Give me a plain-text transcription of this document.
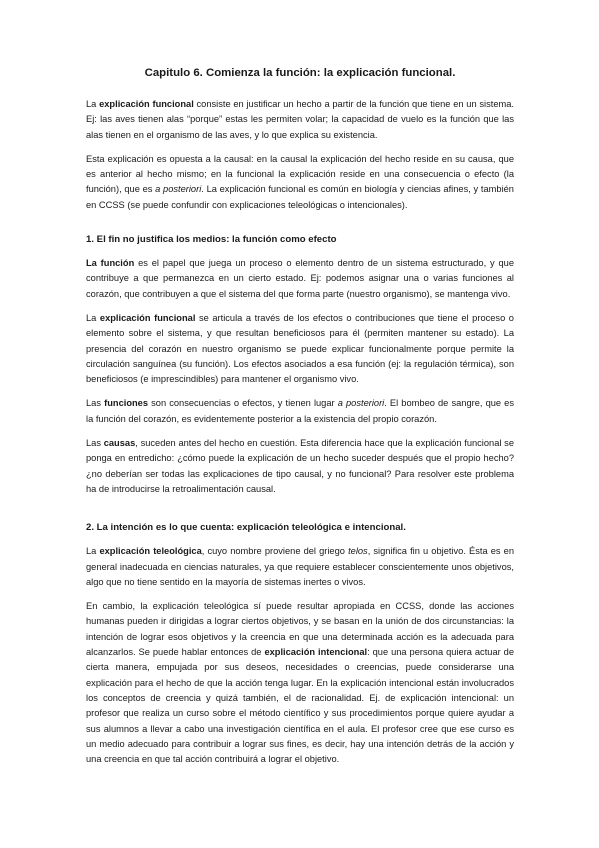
Capitulo 6. Comienza la función: la explicación funcional.

La explicación funcional consiste en justificar un hecho a partir de la función que tiene en un sistema. Ej: las aves tienen alas “porque” estas les permiten volar; la capacidad de vuelo es la función que las alas tienen en el organismo de las aves, y lo que explica su existencia.

Esta explicación es opuesta a la causal: en la causal la explicación del hecho reside en su causa, que es anterior al hecho mismo; en la funcional la explicación reside en una consecuencia o efecto (la función), que es a posteriori. La explicación funcional es común en biología y ciencias afines, y también en CCSS (se puede confundir con explicaciones teleológicas o intencionales).

1. El fin no justifica los medios: la función como efecto

La función es el papel que juega un proceso o elemento dentro de un sistema estructurado, y que contribuye a que permanezca en un cierto estado. Ej: podemos asignar una o varias funciones al corazón, que contribuyen a que el sistema del que forma parte (nuestro organismo), se mantenga vivo.

La explicación funcional se articula a través de los efectos o contribuciones que tiene el proceso o elemento sobre el sistema, y que resultan beneficiosos para él (permiten mantener su estado). La presencia del corazón en nuestro organismo se puede explicar funcionalmente porque permite la circulación sanguínea (su función). Los efectos asociados a esa función (ej: la regulación térmica), son beneficiosos (e imprescindibles) para mantener el organismo vivo.

Las funciones son consecuencias o efectos, y tienen lugar a posteriori. El bombeo de sangre, que es la función del corazón, es evidentemente posterior a la existencia del propio corazón.

Las causas, suceden antes del hecho en cuestión. Esta diferencia hace que la explicación funcional se ponga en entredicho: ¿cómo puede la explicación de un hecho suceder después que el propio hecho? ¿no deberían ser todas las explicaciones de tipo causal, y no funcional? Para resolver este problema ha de introducirse la retroalimentación causal.

2. La intención es lo que cuenta: explicación teleológica e intencional.

La explicación teleológica, cuyo nombre proviene del griego telos, significa fin u objetivo. Ésta es en general inadecuada en ciencias naturales, ya que requiere establecer conscientemente unos objetivos, algo que no tiene sentido en la mayoría de sistemas inertes o vivos.

En cambio, la explicación teleológica sí puede resultar apropiada en CCSS, donde las acciones humanas pueden ir dirigidas a lograr ciertos objetivos, y se basan en la unión de dos circunstancias: la intención de lograr esos objetivos y la creencia en que una determinada acción es la adecuada para alcanzarlos. Se puede hablar entonces de explicación intencional: que una persona quiera actuar de cierta manera, empujada por sus deseos, necesidades o creencias, puede considerarse una explicación para el hecho de que la acción tenga lugar. En la explicación intencional están involucrados los conceptos de creencia y quizá también, el de racionalidad. Ej. de explicación intencional: un profesor que realiza un curso sobre el método científico y sus procedimientos porque quiere ayudar a sus alumnos a llevar a cabo una investigación científica en el aula. El profesor cree que ese curso es un medio adecuado para contribuir a lograr sus fines, es decir, hay una intención detrás de la acción y una creencia en que tal acción contribuirá a lograr el objetivo.
